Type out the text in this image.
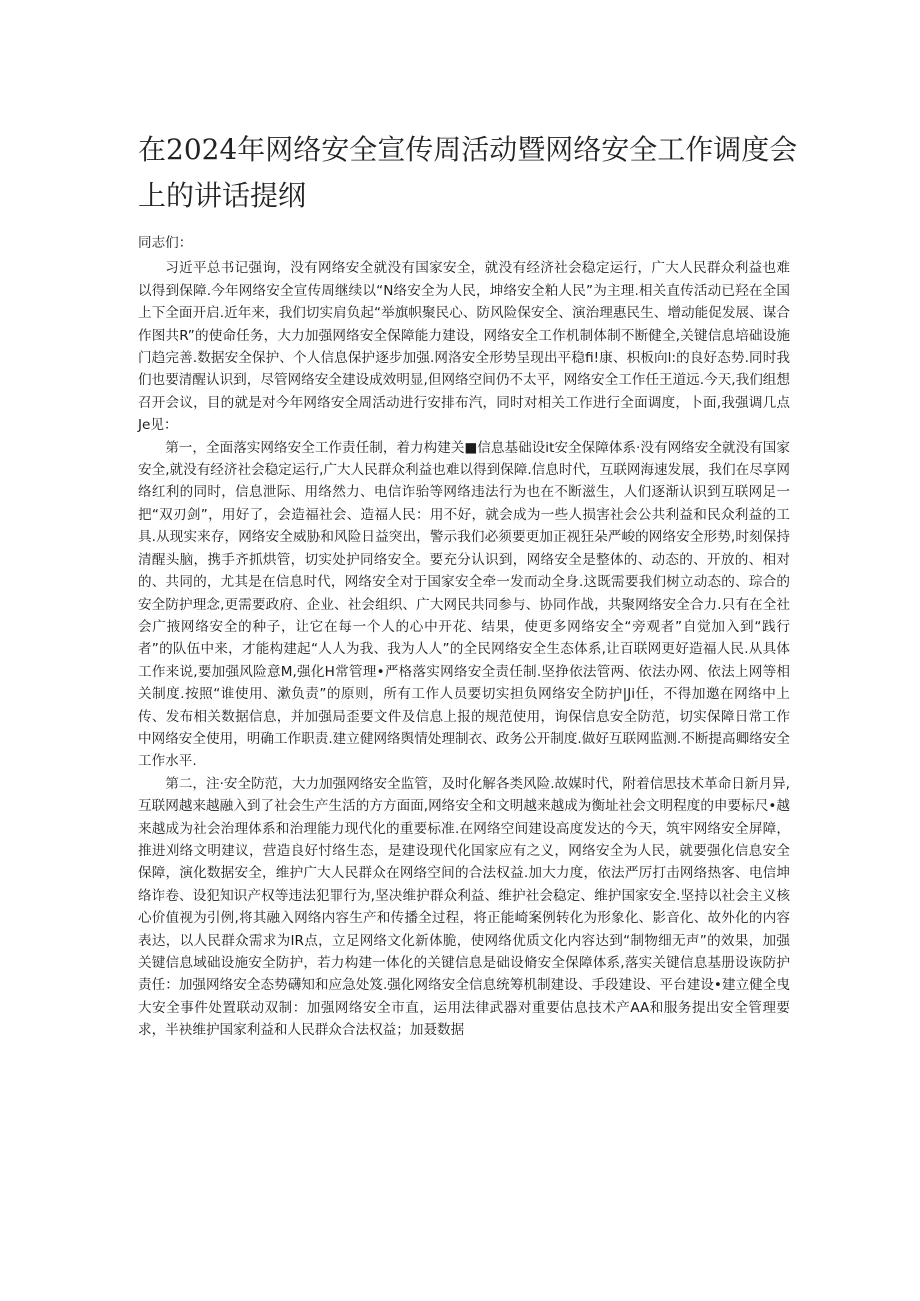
在2024年网络安全宣传周活动暨网络安全工作调度会上的讲话提纲

同志们：

习近平总书记强询，没有网络安全就没有国家安全，就没有经济社会稳定运行，广大人民群众利益也难以得到保障.今年网络安全宣传周继续以“N络安全为人民，坤络安全粕人民”为主理.相关直传活动已羟在全国上下全面开启.近年来，我们切实肩负起“举旗帜聚民心、防风险保安全、演治理惠民生、增动能促发展、谋合作图共R”的使命任务，大力加强网络安全保障能力建设，网络安全工作机制体制不断健全,关键信息培础设施门趋完善.数据安全保护、个人信息保护逐步加强.网洛安全形势呈现出平稳fi!康、枳板向l:的良好态势.同时我们也要清醒认识到，尽管网络安全建设成效明显,但网络空间仍不太平，网络安全工作任王道远.今天,我们组想召开会议，目的就是对今年网络安全周活动进行安排布汽，同时对相关工作进行全面调度，卜面,我强调几点Je见：

第一，全面落实网络安全工作责任制，着力构建关■信息基础设it安全保障体系·没有网络安全就没有国家安全,就没有经济社会稳定运行,广大人民群众利益也难以得到保障.信息时代，互联网海速发展，我们在尽享网络红利的同时，信息泄际、用络然力、电信诈骀等网络违法行为也在不断滋生，人们逐渐认识到互联网足一把“双刃剑”，用好了，会造福社会、造福人民：用不好，就会成为一些人损害社会公共利益和民众利益的工具.从现实来存，网络安全威胁和风险日益突出，警示我们必须要更加正视狂朵严峻的网络安全形势,时刻保持清醒头脑，携手齐抓烘管，切实处护同络安全。要充分认识到，网络安全是整体的、动态的、开放的、相对的、共同的，尤其是在信息时代，网络安全对于国家安全牵一发而动全身.这既需要我们树立动态的、琮合的安全防护理念,更需要政府、企业、社会组织、广大网民共同参与、协同作战，共聚网络安全合力.只有在全社会广掖网络安全的种子，让它在每一个人的心中开花、结果，使更多网络安全“旁观者”自觉加入到“践行者”的队伍中来，才能构建起“人人为我、我为人人”的全民网络安全生态体系,让百联网更好造福人民.从具体工作来说,要加强风险意M,强化H常管理•严格落实网络安全责任制.坚挣依法管两、依法办网、依法上网等相关制度.按照“谁使用、漱负责”的原则，所有工作人员要切实担负网络安全防护|Ji任，不得加邀在网络中上传、发布相关数据信息，并加强局歪要文件及信息上报的规范使用，询保信息安全防范，切实保障日常工作中网络安全使用，明确工作职责.建立健网络舆情处理制衣、政务公开制度.做好互联网监测.不断提高卿络安全工作水平.

第二，注·安全防范，大力加强网络安全监管，及时化解各类风险.故媒时代，附着信思技术革命日新月异,互联网越来越融入到了社会生产生活的方方面面,网络安全和文明越来越成为衡址社会文明程度的申要标尺•越来越成为社会治理体系和治理能力现代化的重要标准.在网络空间建设高度发达的今天，筑牢网络安全屏障，推进刈络文明建议，营造良好忖络生态，是建设现代化国家应有之义，网络安全为人民，就要强化信息安全保障，演化数据安全，维护广大人民群众在网络空间的合法权益.加大力度，依法严厉打击网络热客、电信坤络诈卷、设犯知识产权等违法犯罪行为,坚决维护群众利益、维护社会稳定、维护国家安全.坚持以社会主义核心价值视为引例,将其融入网络内容生产和传播全过程，将正能崎案例转化为形象化、影音化、故外化的内容表达，以人民群众需求为IR点，立足网络文化新体脆，使网络优质文化内容达到“制物细无声”的效果，加强关键信息域础设施安全防护，若力构建一体化的关键信息是础设脩安全保障体系,落实关键信息基册设诙防护责任：加强网络安全态势礴知和应急处笈.强化网络安全信息统筹机制建设、手段建设、平台建设•建立健全曳大安全事件处置联动双制：加强网络安全市直，运用法律武器对重要估息技术产AA和服务提出安全管理要求，半袂维护国家利益和人民群众合法权益；加聂数据
